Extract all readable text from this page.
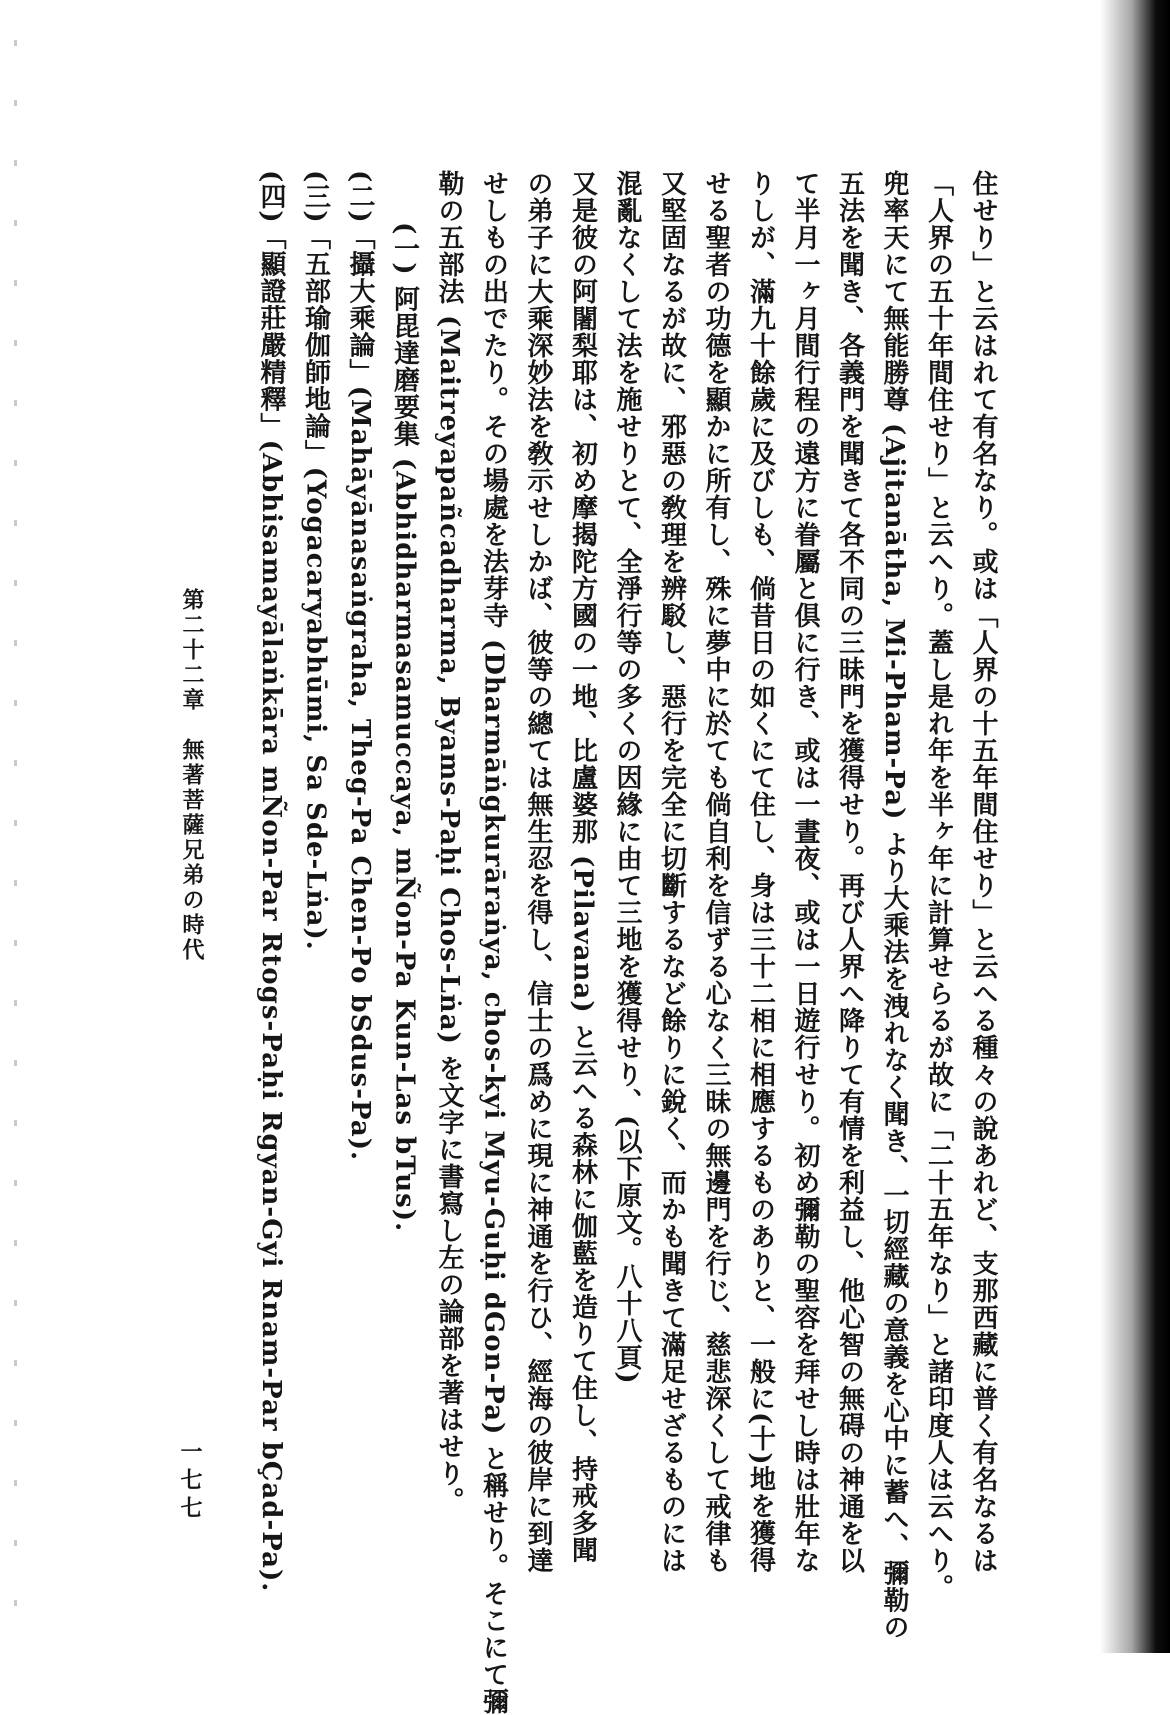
住せり」と云はれて有名なり。或は「人界の十五年間住せり」と云へる種々の說あれど、支那西藏に普く有名なるは
「人界の五十年間住せり」と云へり。蓋し是れ年を半ヶ年に計算せらるが故に「二十五年なり」と諸印度人は云へり。
兜率天にて無能勝尊 (Ajitanātha, Mi-Pham-Pa) より大乘法を洩れなく聞き、一切經藏の意義を心中に蓄へ、彌勒の
五法を聞き、各義門を聞きて各不同の三昧門を獲得せり。再び人界へ降りて有情を利益し、他心智の無碍の神通を以
て半月一ヶ月間行程の遠方に眷屬と倶に行き、或は一晝夜、或は一日遊行せり。初め彌勒の聖容を拜せし時は壯年な
りしが、滿九十餘歲に及びしも、倘昔日の如くにて住し、身は三十二相に相應するものありと、一般に(十)地を獲得
せる聖者の功德を顯かに所有し、殊に夢中に於ても倘自利を信ずる心なく三昧の無邊門を行じ、慈悲深くして戒律も
又堅固なるが故に、邪惡の敎理を辨駁し、惡行を完全に切斷するなど餘りに銳く、而かも聞きて滿足せざるものには
混亂なくして法を施せりとて、全淨行等の多くの因緣に由て三地を獲得せり、(以下原文。八十八頁)
又是彼の阿闍梨耶は、初め摩揭陀方國の一地、比盧婆那 (Pilavana) と云へる森林に伽藍を造りて住し、持戒多聞
の弟子に大乘深妙法を敎示せしかば、彼等の總ては無生忍を得し、信士の爲めに現に神通を行ひ、經海の彼岸に到達
せしもの出でたり。その場處を法芽寺 (Dharmāṅgkurāraṅya, chos-kyi Myu-Guḥi dGon-Pa) と稱せり。そこにて彌
勒の五部法 (Maitreyapañcadharma, Byams-Paḥi Chos-Lṅa) を文字に書寫し左の論部を著はせり。
(一) 阿毘達磨要集 (Abhidharmasamuccaya, mÑon-Pa Kun-Las bTus).
(二)「攝大乘論」(Mahāyānasaṅgraha, Theg-Pa Chen-Po bSdus-Pa).
(三)「五部瑜伽師地論」(Yogacaryabhūmi, Sa Sde-Lṅa).
(四)「顯證莊嚴精釋」(Abhisamayālaṅkāra mÑon-Par Rtogs-Paḥi Rgyan-Gyi Rnam-Par bÇad-Pa).
第二十二章　無著菩薩兄弟の時代
一七七
